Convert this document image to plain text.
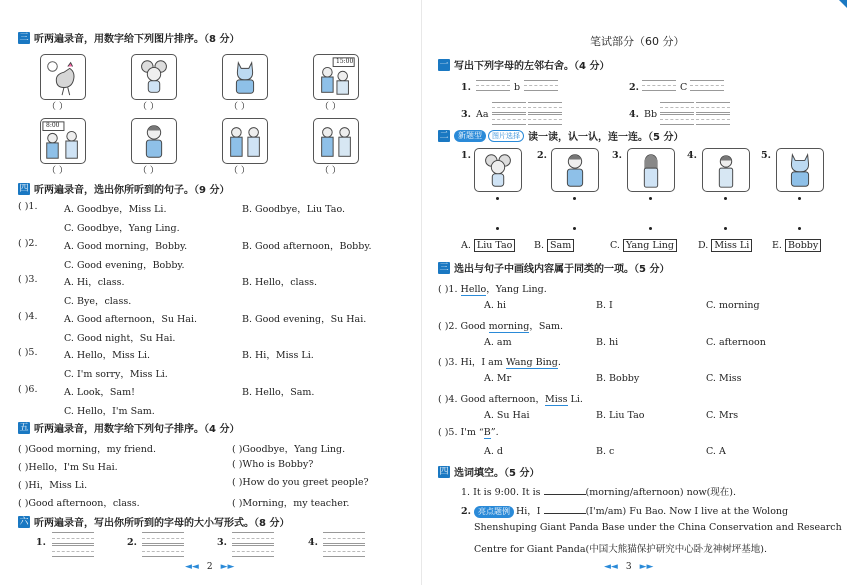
三 听两遍录音，用数字给下列图片排序。（8 分）
15:00
（ ）	（ ）	（ ）	（ ）
8:00
（ ）	（ ）	（ ）	（ ）
四 听两遍录音，选出你所听到的句子。（9 分）
( )1.	A. Goodbye，Miss Li.	B. Goodbye，Liu Tao.
C. Goodbye，Yang Ling.
( )2.	A. Good morning，Bobby.	B. Good afternoon，Bobby.
C. Good evening，Bobby.
( )3.	A. Hi，class.	B. Hello，class.
C. Bye，class.
( )4.	A. Good afternoon，Su Hai.	B. Good evening，Su Hai.
C. Good night，Su Hai.
( )5.	A. Hello，Miss Li.	B. Hi，Miss Li.
C. I'm sorry，Miss Li.
( )6.	A. Look，Sam!	B. Hello，Sam.
C. Hello，I'm Sam.
五 听两遍录音，用数字给下列句子排序。（4 分）
( )Good morning，my friend.	( )Goodbye，Yang Ling.
( )Hello，I'm Su Hai.	( )Who is Bobby?
( )Hi，Miss Li.	( )How do you greet people?
( )Good afternoon，class.	( )Morning，my teacher.
六 听两遍录音，写出你所听到的字母的大小写形式。（8 分）
1.	2.	3.	4.
◄◄ 2 ►►
笔试部分（60 分）
一 写出下列字母的左邻右舍。（4 分）
1.	b	2.	C
3. Aa	4. Bb
二	新题型	图片选择 读一读，认一认，连一连。（5 分）
1.	2.	3.	4.	5.
A. Liu Tao	B. Sam	C. Yang Ling	D. Miss Li	E. Bobby
三 选出与句子中画线内容属于同类的一项。（5 分）
( )1. Hello，Yang Ling.
A. hi	B. I	C. morning
( )2. Good morning，Sam.
A. am	B. hi	C. afternoon
( )3. Hi，I am Wang Bing.
A. Mr	B. Bobby	C. Miss
( )4. Good afternoon，Miss Li.
A. Su Hai	B. Liu Tao	C. Mrs
( )5. I'm “B”.
A. d	B. c	C. A
四 选词填空。（5 分）
1. It is 9:00. It is	(morning/afternoon) now(现在).
2. 亮点题例 Hi，I	(I'm/am) Fu Bao. Now I live at the Wolong
Shenshuping Giant Panda Base under the China Conservation and Research
Centre for Giant Panda(中国大熊猫保护研究中心卧龙神树坪基地).
◄◄ 3 ►►
